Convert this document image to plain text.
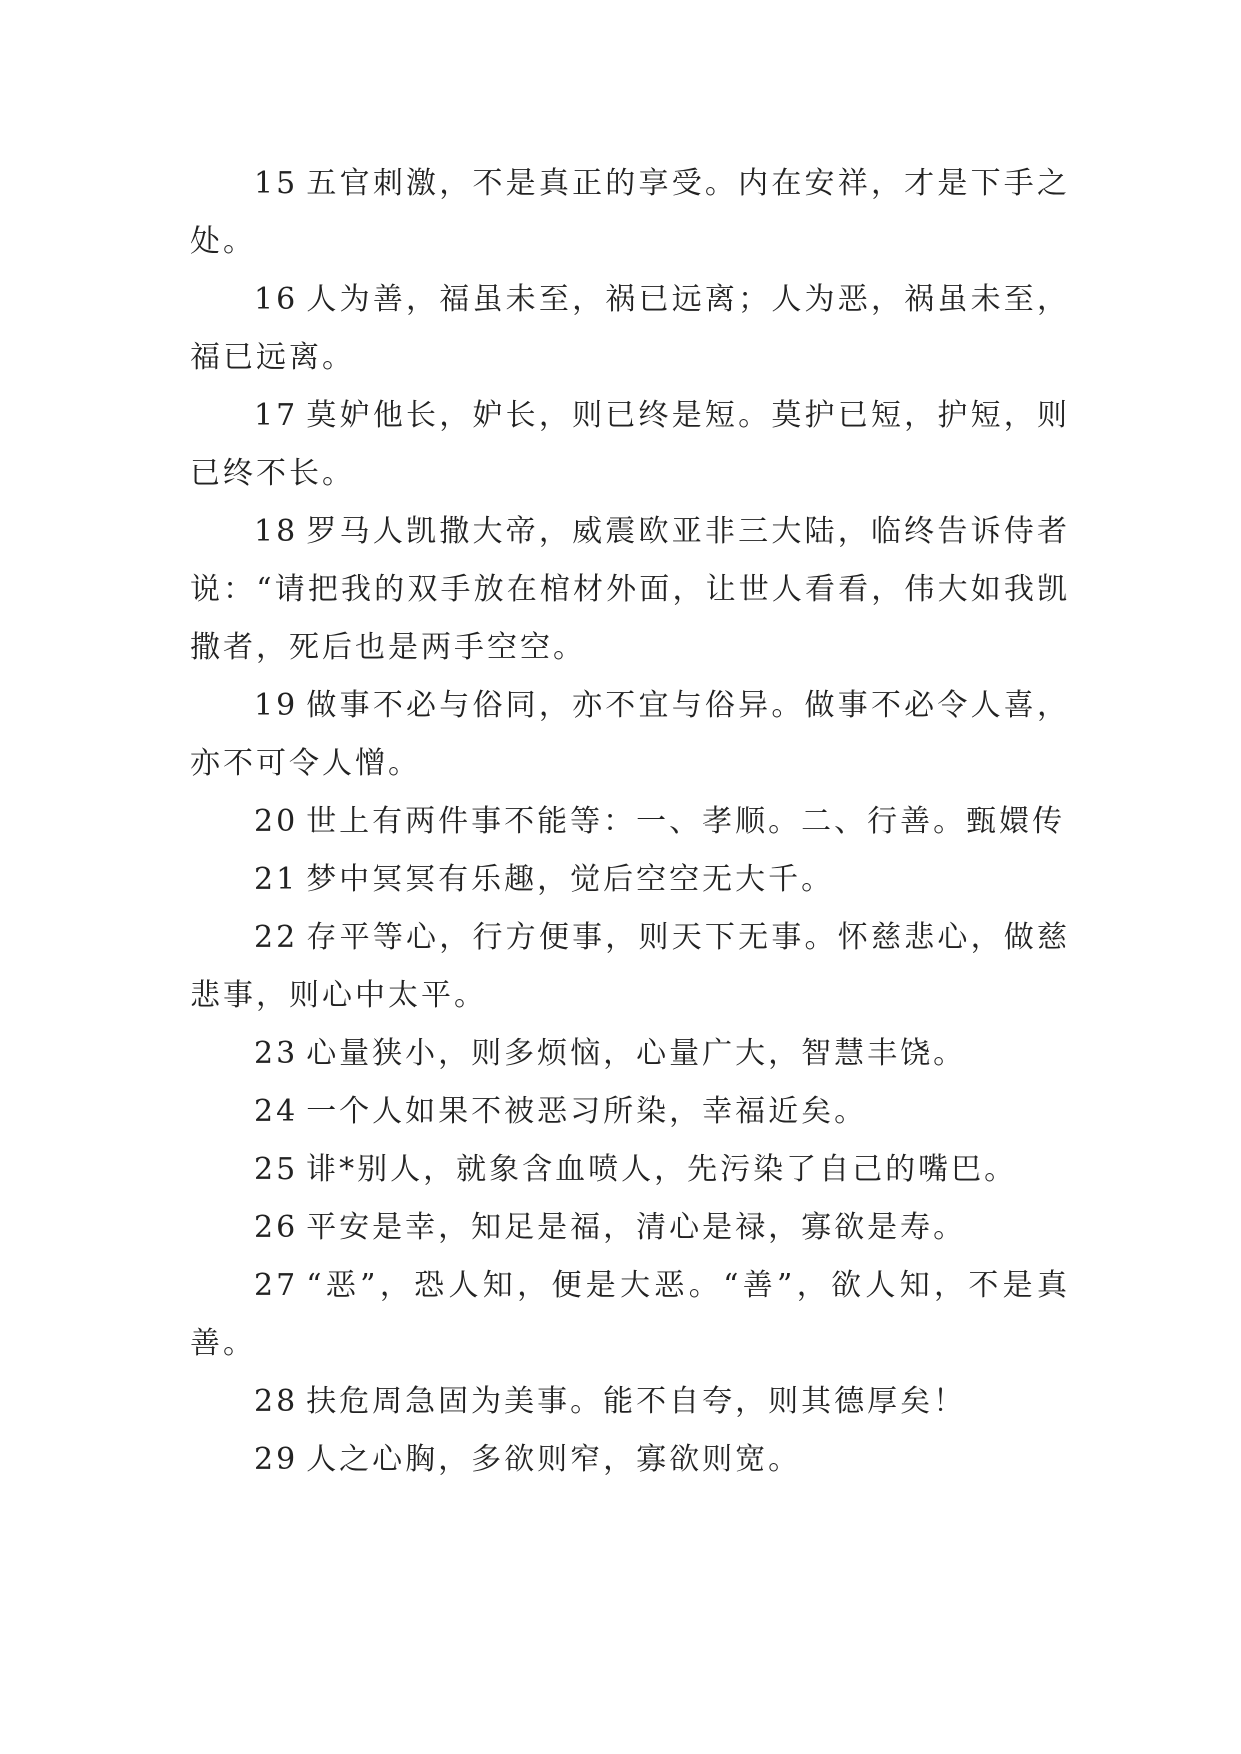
15 五官刺激，不是真正的享受。内在安祥，才是下手之处。

16 人为善，福虽未至，祸已远离；人为恶，祸虽未至，福已远离。

17 莫妒他长，妒长，则已终是短。莫护已短，护短，则已终不长。

18 罗马人凯撒大帝，威震欧亚非三大陆，临终告诉侍者说：“请把我的双手放在棺材外面，让世人看看，伟大如我凯撒者，死后也是两手空空。

19 做事不必与俗同，亦不宜与俗异。做事不必令人喜，亦不可令人憎。

20 世上有两件事不能等：一、孝顺。二、行善。甄嬛传

21 梦中冥冥有乐趣，觉后空空无大千。

22 存平等心，行方便事，则天下无事。怀慈悲心，做慈悲事，则心中太平。

23 心量狭小，则多烦恼，心量广大，智慧丰饶。

24 一个人如果不被恶习所染，幸福近矣。

25 诽*别人，就象含血喷人，先污染了自己的嘴巴。

26 平安是幸，知足是福，清心是禄，寡欲是寿。

27 “恶”，恐人知，便是大恶。“善”，欲人知，不是真善。

28 扶危周急固为美事。能不自夸，则其德厚矣！

29 人之心胸，多欲则窄，寡欲则宽。
